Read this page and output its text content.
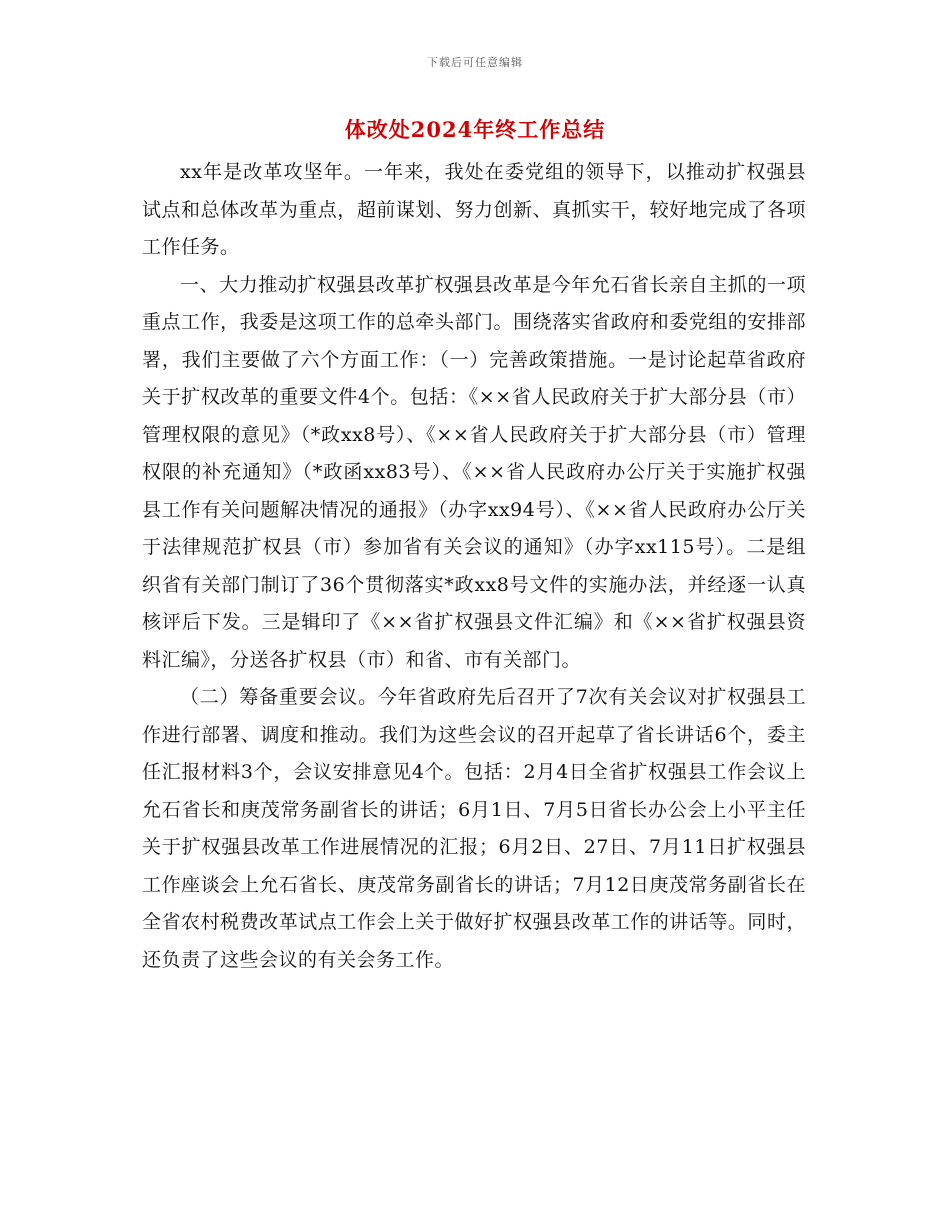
下载后可任意编辑
体改处2024年终工作总结

xx年是改革攻坚年。一年来，我处在委党组的领导下，以推动扩权强县试点和总体改革为重点，超前谋划、努力创新、真抓实干，较好地完成了各项工作任务。

一、大力推动扩权强县改革扩权强县改革是今年允石省长亲自主抓的一项重点工作，我委是这项工作的总牵头部门。围绕落实省政府和委党组的安排部署，我们主要做了六个方面工作：（一）完善政策措施。一是讨论起草省政府关于扩权改革的重要文件4个。包括：《××省人民政府关于扩大部分县（市）管理权限的意见》（*政xx8号）、《××省人民政府关于扩大部分县（市）管理权限的补充通知》（*政函xx83号）、《××省人民政府办公厅关于实施扩权强县工作有关问题解决情况的通报》（办字xx94号）、《××省人民政府办公厅关于法律规范扩权县（市）参加省有关会议的通知》（办字xx115号）。二是组织省有关部门制订了36个贯彻落实*政xx8号文件的实施办法，并经逐一认真核评后下发。三是辑印了《××省扩权强县文件汇编》和《××省扩权强县资料汇编》，分送各扩权县（市）和省、市有关部门。

（二）筹备重要会议。今年省政府先后召开了7次有关会议对扩权强县工作进行部署、调度和推动。我们为这些会议的召开起草了省长讲话6个，委主任汇报材料3个，会议安排意见4个。包括：2月4日全省扩权强县工作会议上允石省长和庚茂常务副省长的讲话；6月1日、7月5日省长办公会上小平主任关于扩权强县改革工作进展情况的汇报；6月2日、27日、7月11日扩权强县工作座谈会上允石省长、庚茂常务副省长的讲话；7月12日庚茂常务副省长在全省农村税费改革试点工作会上关于做好扩权强县改革工作的讲话等。同时，还负责了这些会议的有关会务工作。
